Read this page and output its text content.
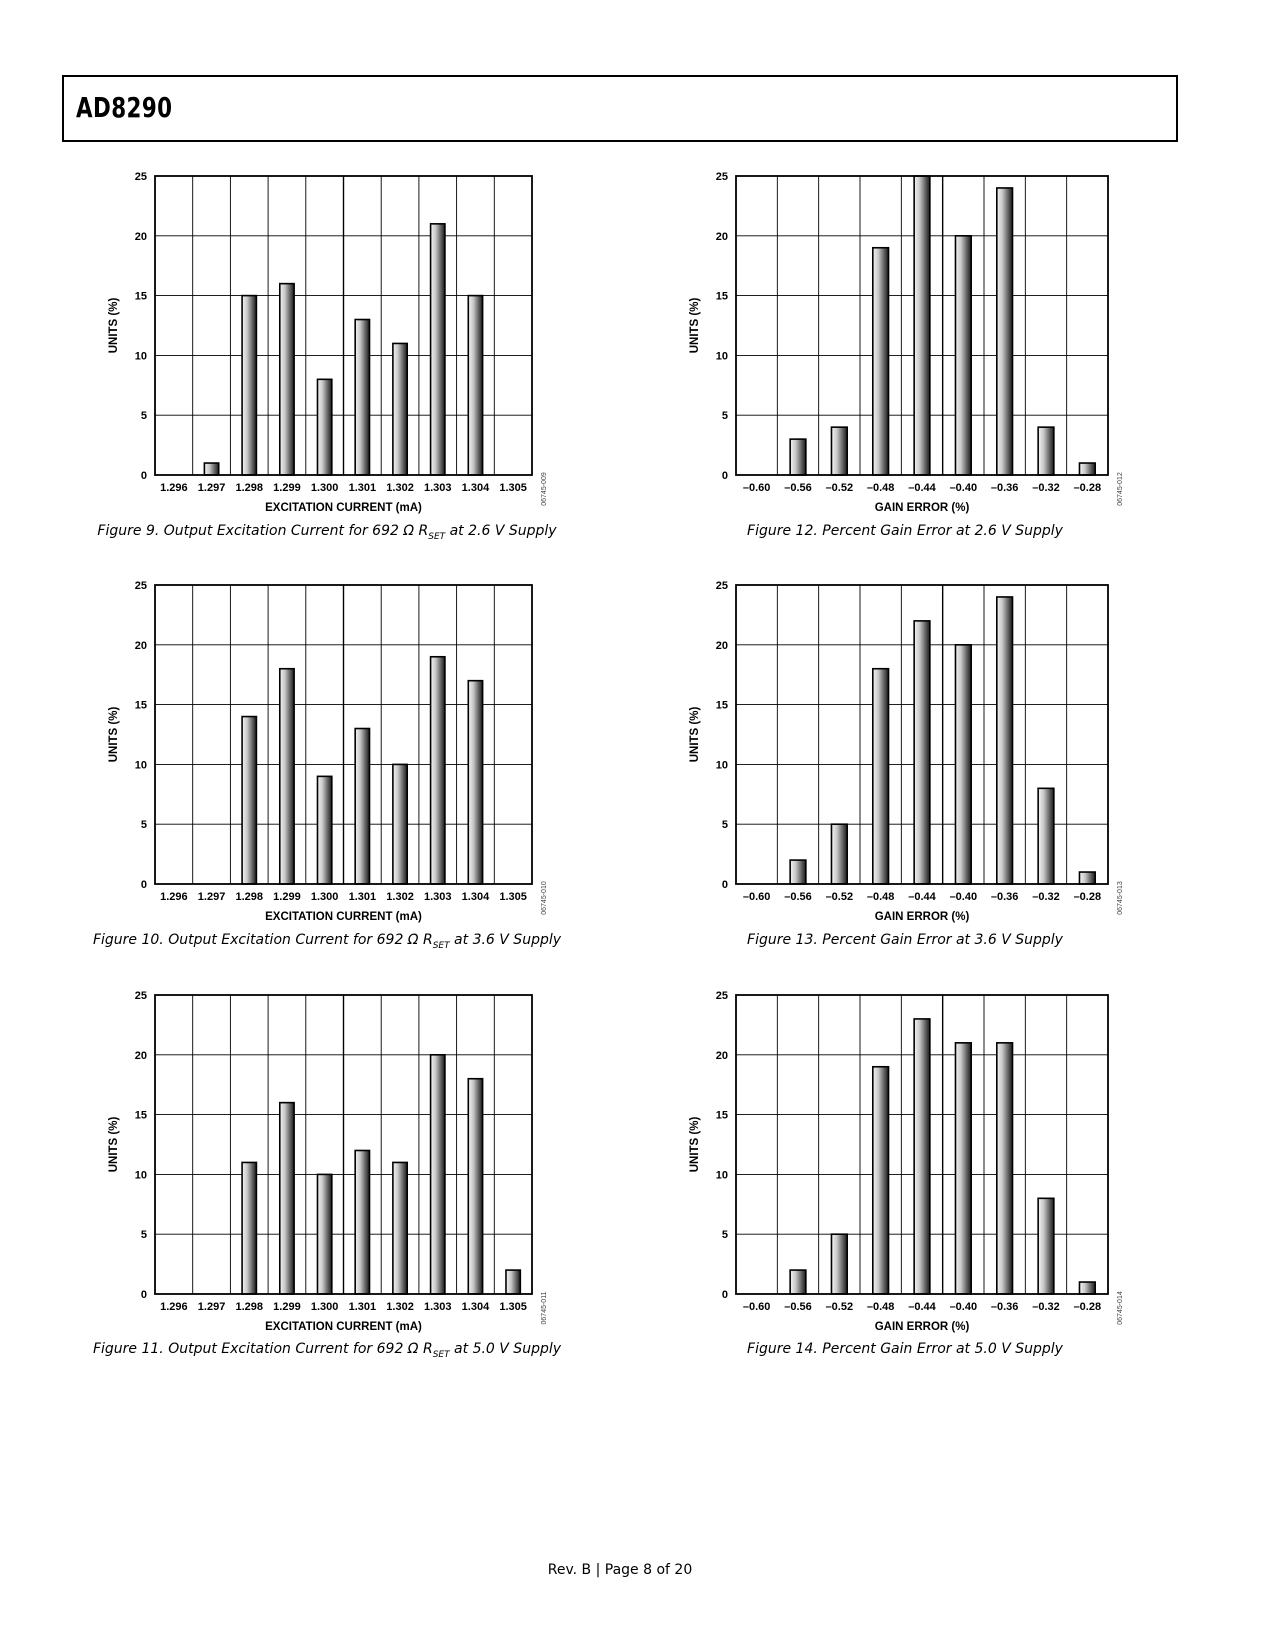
AD8290
0
5
10
15
20
25
1.296 1.297 1.298 1.299 1.300 1.301 1.302 1.303 1.304 1.305
EXCITATION CURRENT (mA)
UNITS (%)
06745-009
0
5
10
15
20
25
1.296 1.297 1.298 1.299 1.300 1.301 1.302 1.303 1.304 1.305
EXCITATION CURRENT (mA)
UNITS (%)
06745-010
0
5
10
15
20
25
1.296 1.297 1.298 1.299 1.300 1.301 1.302 1.303 1.304 1.305
EXCITATION CURRENT (mA)
UNITS (%)
06745-011
0
5
10
15
20
25
–0.60 –0.56 –0.52 –0.48 –0.44 –0.40 –0.36 –0.32 –0.28
GAIN ERROR (%)
UNITS (%)
06745-012
0
5
10
15
20
25
–0.60 –0.56 –0.52 –0.48 –0.44 –0.40 –0.36 –0.32 –0.28
GAIN ERROR (%)
UNITS (%)
06745-013
0
5
10
15
20
25
–0.60 –0.56 –0.52 –0.48 –0.44 –0.40 –0.36 –0.32 –0.28
GAIN ERROR (%)
UNITS (%)
06745-014
Figure 9. Output Excitation Current for 692 Ω $R_{SET}$ at 2.6 V Supply
Figure 10. Output Excitation Current for 692 Ω $R_{SET}$ at 3.6 V Supply
Figure 11. Output Excitation Current for 692 Ω $R_{SET}$ at 5.0 V Supply
Figure 12. Percent Gain Error at 2.6 V Supply
Figure 13. Percent Gain Error at 3.6 V Supply
Figure 14. Percent Gain Error at 5.0 V Supply
Rev. B | Page 8 of 20
